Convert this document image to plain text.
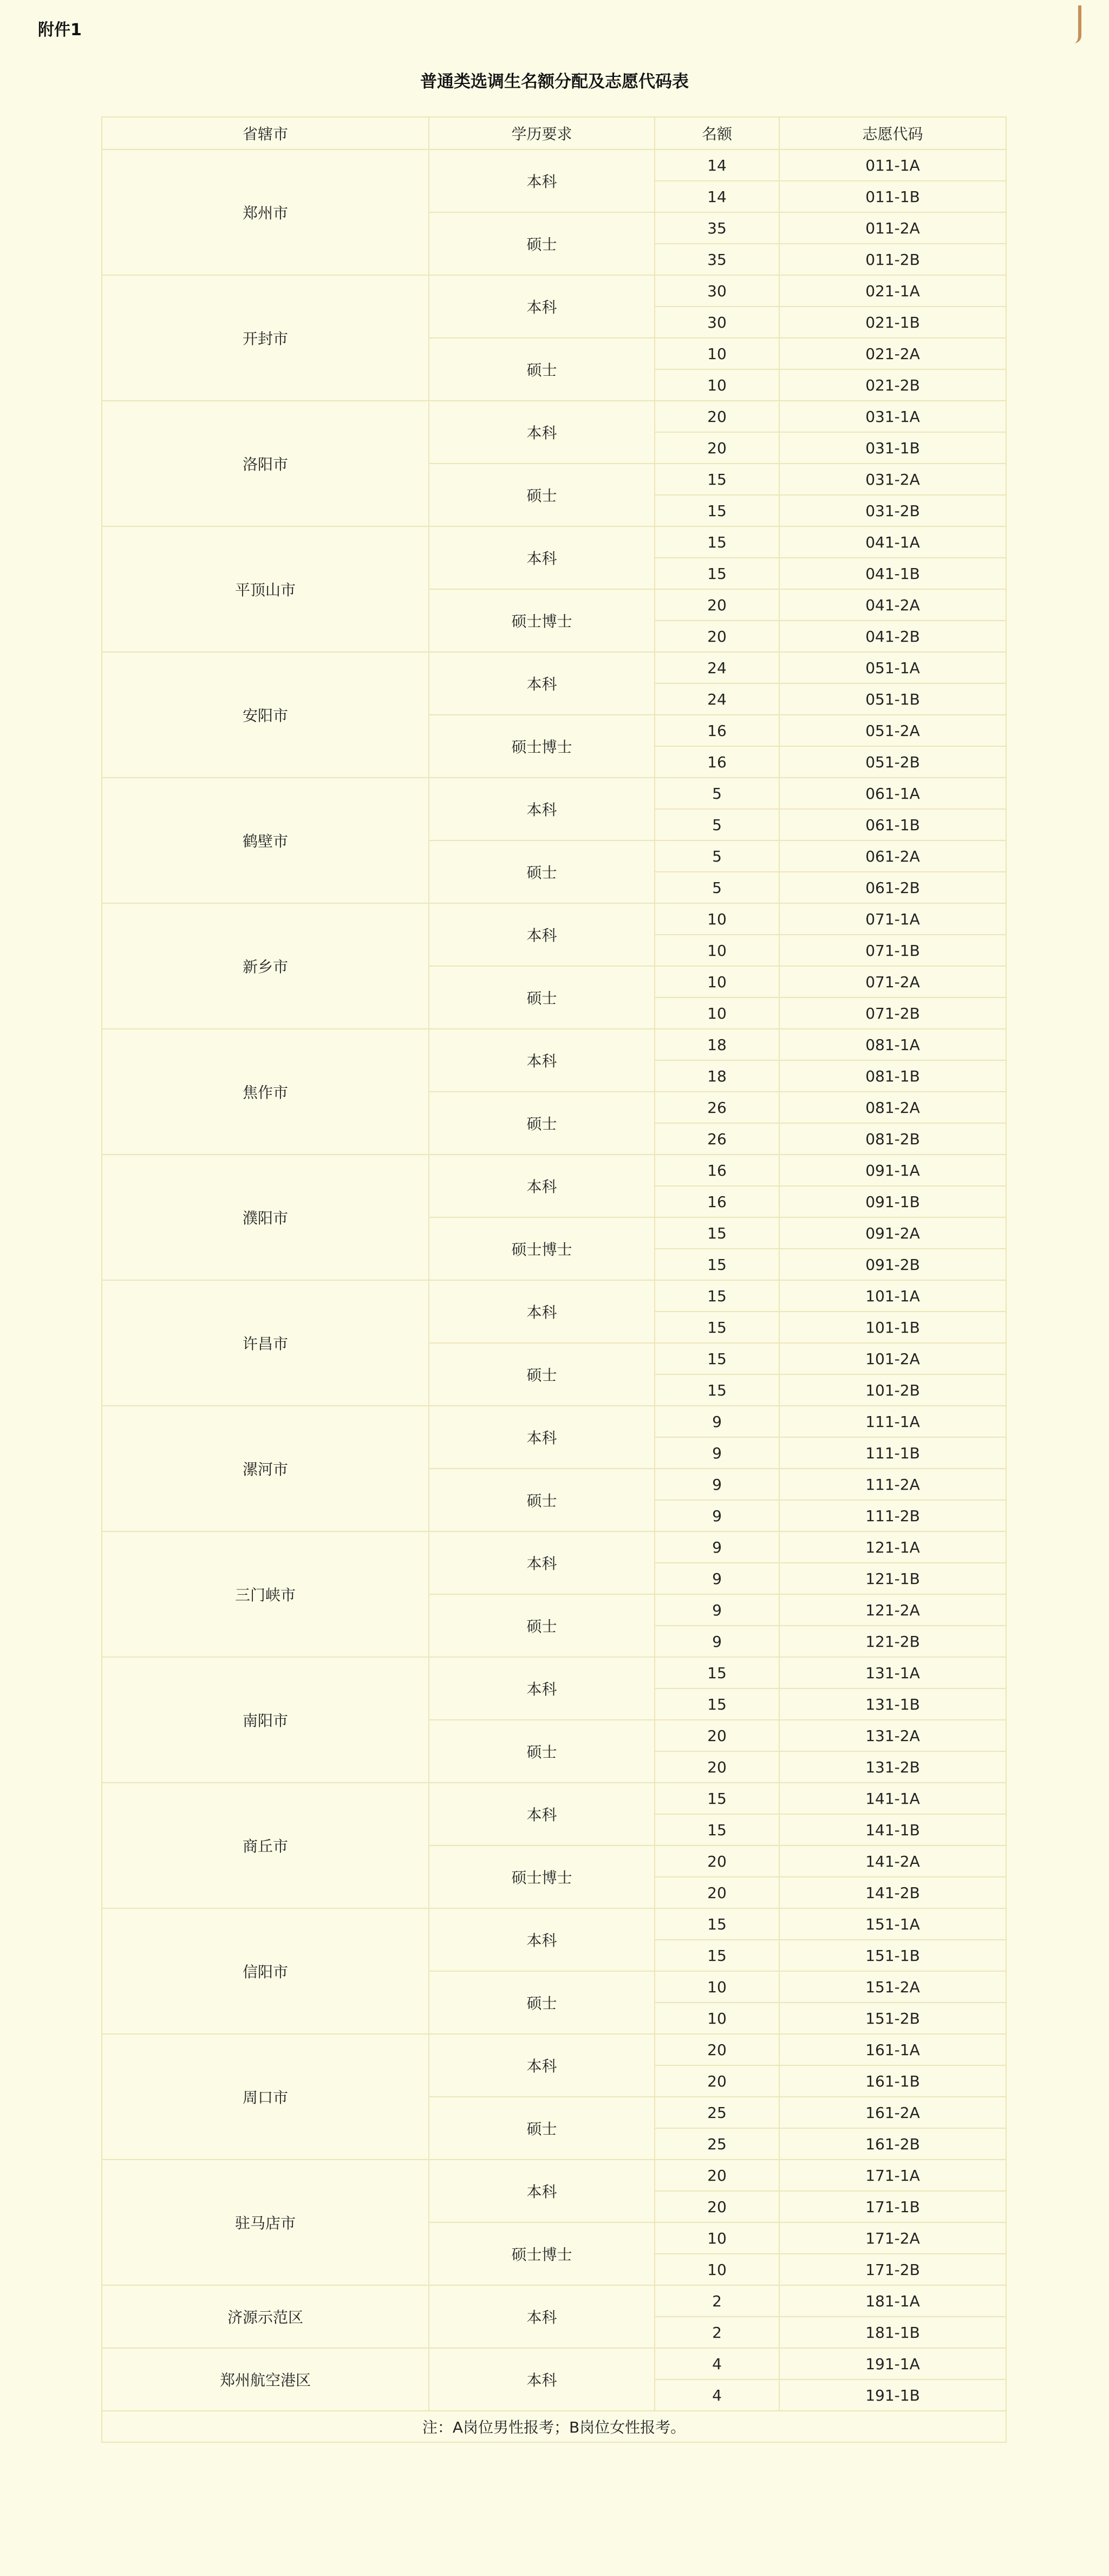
附件1
普通类选调生名额分配及志愿代码表
省辖市	学历要求	名额	志愿代码
郑州市	本科	14	011-1A
		14	011-1B
	硕士	35	011-2A
		35	011-2B
开封市	本科	30	021-1A
		30	021-1B
	硕士	10	021-2A
		10	021-2B
洛阳市	本科	20	031-1A
		20	031-1B
	硕士	15	031-2A
		15	031-2B
平顶山市	本科	15	041-1A
		15	041-1B
	硕士博士	20	041-2A
		20	041-2B
安阳市	本科	24	051-1A
		24	051-1B
	硕士博士	16	051-2A
		16	051-2B
鹤壁市	本科	5	061-1A
		5	061-1B
	硕士	5	061-2A
		5	061-2B
新乡市	本科	10	071-1A
		10	071-1B
	硕士	10	071-2A
		10	071-2B
焦作市	本科	18	081-1A
		18	081-1B
	硕士	26	081-2A
		26	081-2B
濮阳市	本科	16	091-1A
		16	091-1B
	硕士博士	15	091-2A
		15	091-2B
许昌市	本科	15	101-1A
		15	101-1B
	硕士	15	101-2A
		15	101-2B
漯河市	本科	9	111-1A
		9	111-1B
	硕士	9	111-2A
		9	111-2B
三门峡市	本科	9	121-1A
		9	121-1B
	硕士	9	121-2A
		9	121-2B
南阳市	本科	15	131-1A
		15	131-1B
	硕士	20	131-2A
		20	131-2B
商丘市	本科	15	141-1A
		15	141-1B
	硕士博士	20	141-2A
		20	141-2B
信阳市	本科	15	151-1A
		15	151-1B
	硕士	10	151-2A
		10	151-2B
周口市	本科	20	161-1A
		20	161-1B
	硕士	25	161-2A
		25	161-2B
驻马店市	本科	20	171-1A
		20	171-1B
	硕士博士	10	171-2A
		10	171-2B
济源示范区	本科	2	181-1A
		2	181-1B
郑州航空港区	本科	4	191-1A
		4	191-1B
注：A岗位男性报考；B岗位女性报考。			
